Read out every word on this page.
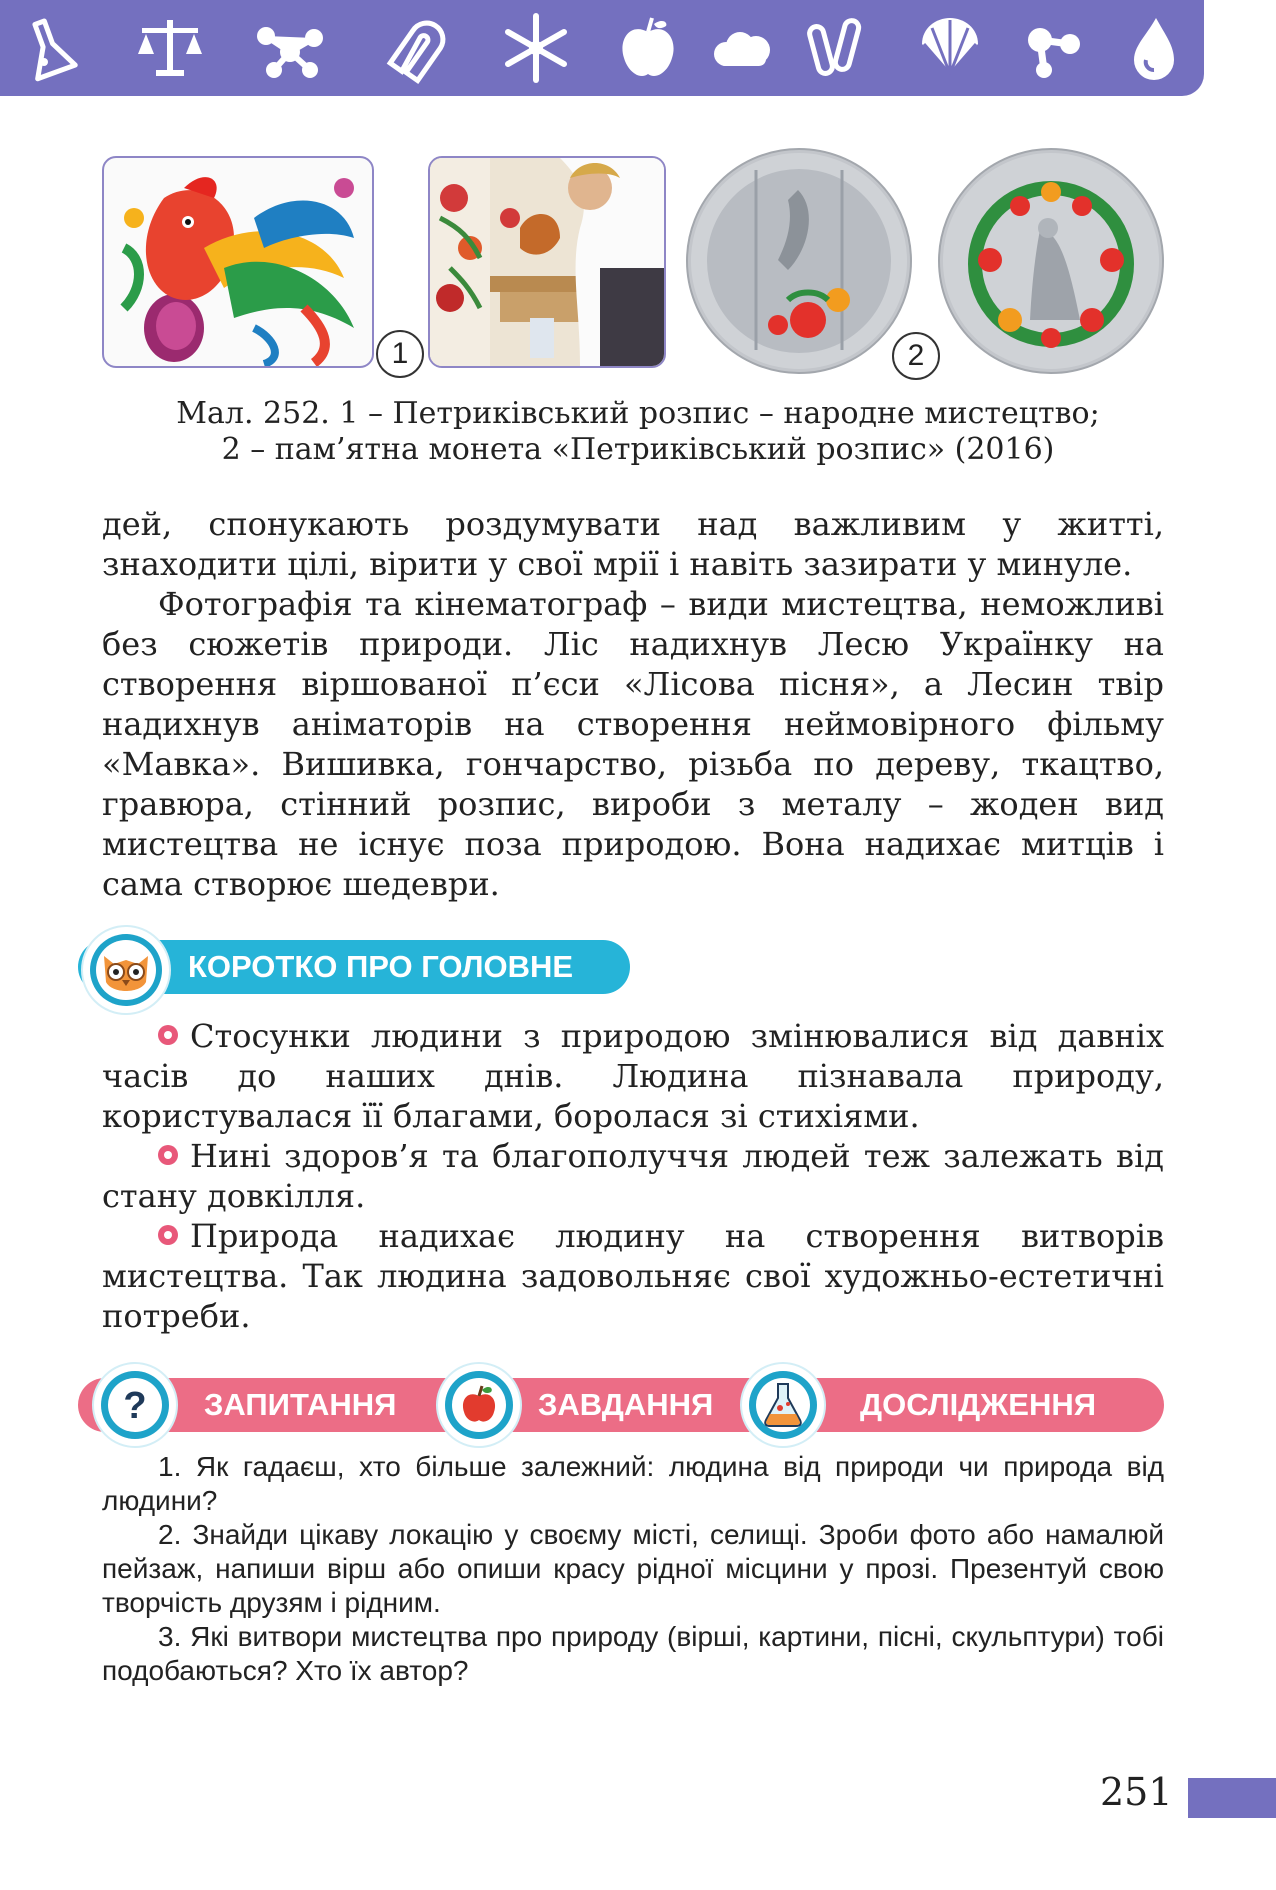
1	2
Мал. 252. 1 – Петриківський розпис – народне мистецтво;
2 – пам’ятна монета «Петриківський розпис» (2016)

дей, спонукають роздумувати над важливим у житті, знаходити цілі, вірити у свої мрії і навіть зазирати у минуле.

Фотографія та кінематограф – види мистецтва, неможливі без сюжетів природи. Ліс надихнув Лесю Українку на створення віршованої п’єси «Лісова пісня», а Лесин твір надихнув аніматорів на створення неймовірного фільму «Мавка». Вишивка, гончарство, різьба по дереву, ткацтво, гравюра, стінний розпис, вироби з металу – жоден вид мистецтва не існує поза природою. Вона надихає митців і сама створює шедеври.

КОРОТКО ПРО ГОЛОВНЕ

Стосунки людини з природою змінювалися від давніх часів до наших днів. Людина пізнавала природу, користувалася її благами, боролася зі стихіями.

Нині здоров’я та благополуччя людей теж залежать від стану довкілля.

Природа надихає людину на створення витворів мистецтва. Так людина задовольняє свої художньо-естетичні потреби.

? ЗАПИТАННЯ	ЗАВДАННЯ	ДОСЛІДЖЕННЯ

1. Як гадаєш, хто більше залежний: людина від природи чи природа від людини?

2. Знайди цікаву локацію у своєму місті, селищі. Зроби фото або намалюй пейзаж, напиши вірш або опиши красу рідної місцини у прозі. Презентуй свою творчість друзям і рідним.

3. Які витвори мистецтва про природу (вірші, картини, пісні, скульптури) тобі подобаються? Хто їх автор?

251
